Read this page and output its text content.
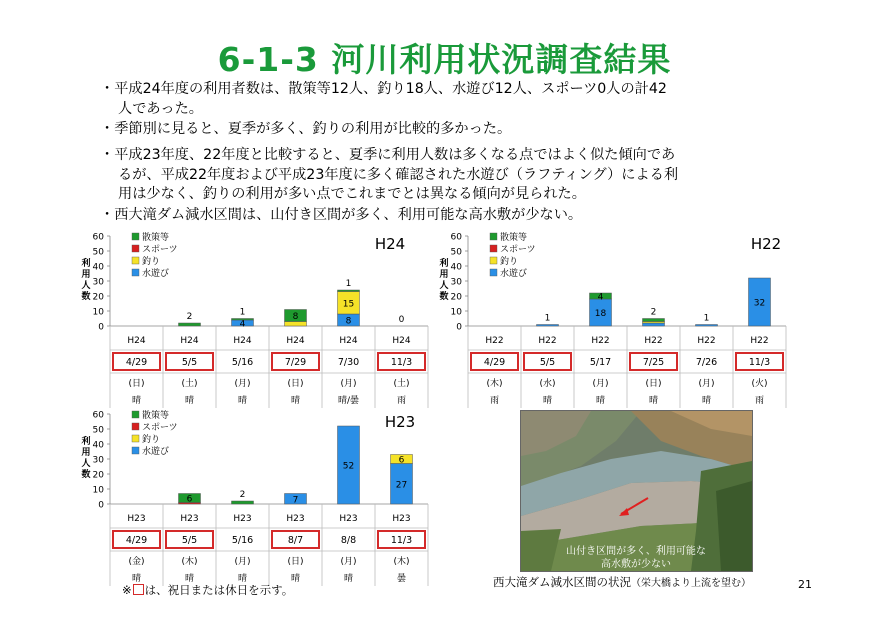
6-1-3 河川利用状況調査結果
・平成24年度の利用者数は、散策等12人、釣り18人、水遊び12人、スポーツ0人の計42
人であった。
・季節別に見ると、夏季が多く、釣りの利用が比較的多かった。
・平成23年度、22年度と比較すると、夏季に利用人数は多くなる点ではよく似た傾向であ
るが、平成22年度および平成23年度に多く確認された水遊び（ラフティング）による利
用は少なく、釣りの利用が多い点でこれまでとは異なる傾向が見られた。
・西大滝ダム減水区間は、山付き区間が多く、利用可能な高水敷が少ない。
0
10
20
30
40
50
60
利
用
人
数
H24
4/29
(日)
晴
2
H24
5/5
(土)
晴
4
1
H24
5/16
(月)
晴
8
H24
7/29
(日)
晴
8
15
1
H24
7/30
(月)
晴/曇
0
H24
11/3
(土)
雨
散策等
スポーツ
釣り
水遊び
H24
0
10
20
30
40
50
60
利
用
人
数
H22
4/29
(木)
雨
1
H22
5/5
(水)
晴
18
4
H22
5/17
(月)
晴
2
H22
7/25
(日)
晴
1
H22
7/26
(月)
晴
32
H22
11/3
(火)
雨
散策等
スポーツ
釣り
水遊び
H22
0
10
20
30
40
50
60
利
用
人
数
H23
4/29
(金)
晴
6
H23
5/5
(木)
晴
2
H23
5/16
(月)
晴
7
H23
8/7
(日)
晴
52
H23
8/8
(月)
晴
27
6
H23
11/3
(木)
曇
散策等
スポーツ
釣り
水遊び
H23
山付き区間が多く、利用可能な
高水敷が少ない
西大滝ダム減水区間の状況（栄大橋より上流を望む）
※ は、祝日または休日を示す。	21
